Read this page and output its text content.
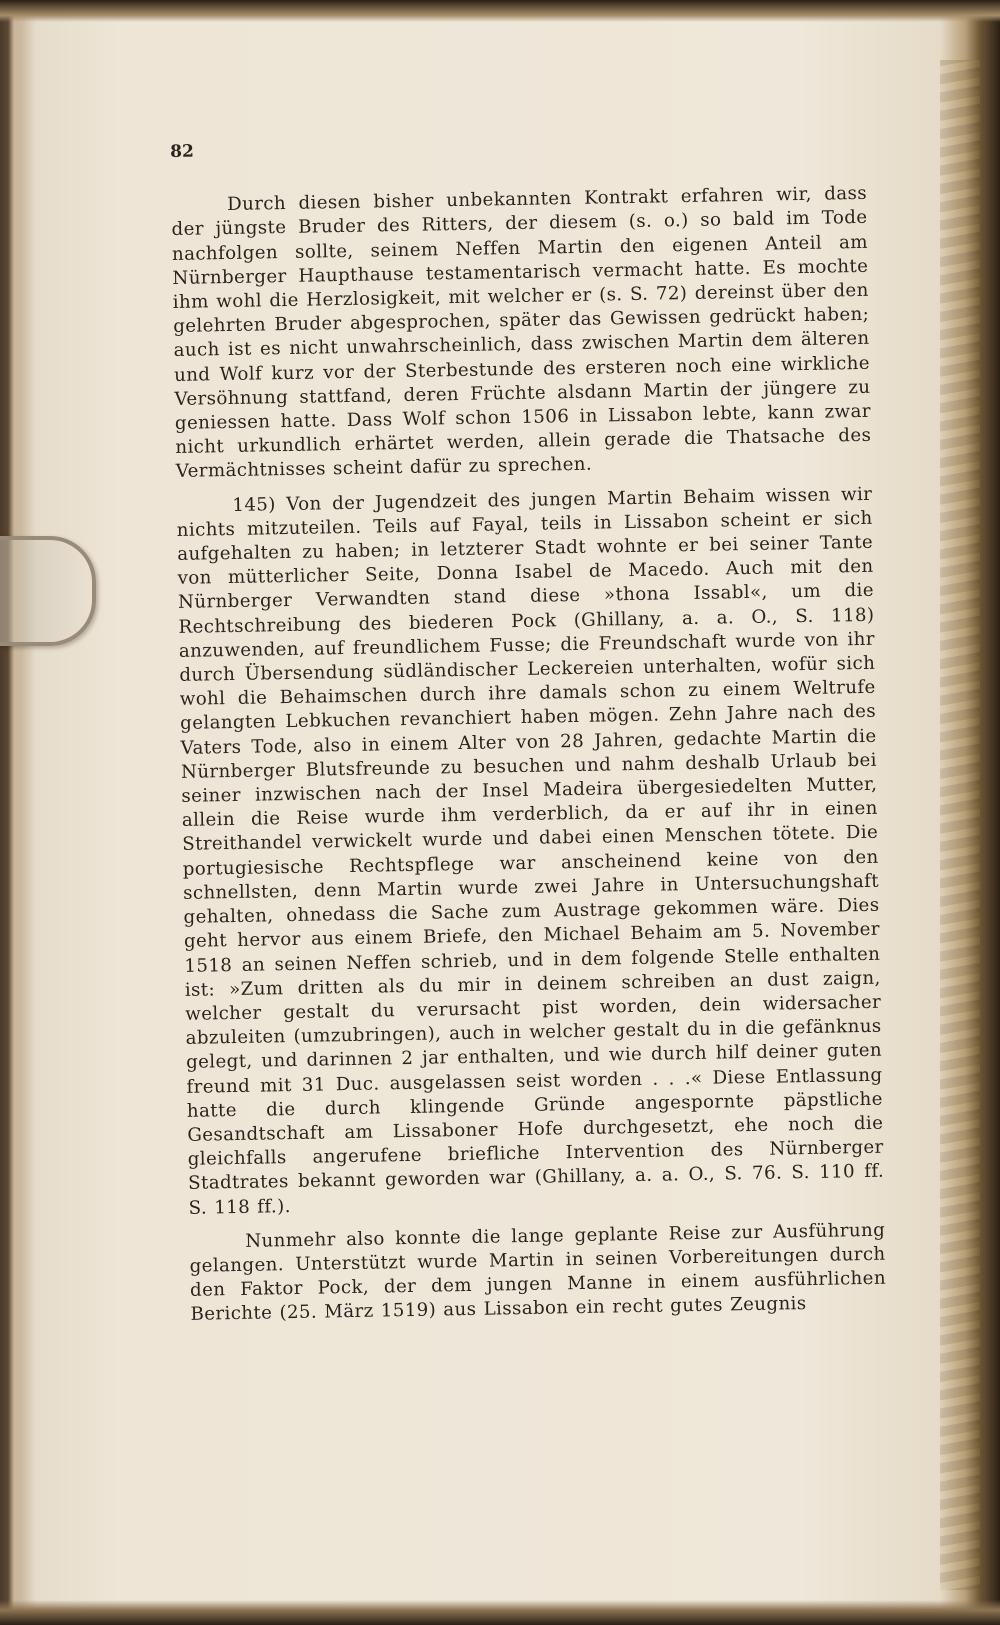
82

Durch diesen bisher unbekannten Kontrakt erfahren wir, dass der jüngste Bruder des Ritters, der diesem (s. o.) so bald im Tode nachfolgen sollte, seinem Neffen Martin den eigenen Anteil am Nürnberger Haupthause testamentarisch vermacht hatte. Es mochte ihm wohl die Herzlosigkeit, mit welcher er (s. S. 72) dereinst über den gelehrten Bruder abgesprochen, später das Gewissen gedrückt haben; auch ist es nicht unwahrscheinlich, dass zwischen Martin dem älteren und Wolf kurz vor der Sterbestunde des ersteren noch eine wirkliche Versöhnung stattfand, deren Früchte alsdann Martin der jüngere zu geniessen hatte. Dass Wolf schon 1506 in Lissabon lebte, kann zwar nicht urkundlich erhärtet werden, allein gerade die Thatsache des Vermächtnisses scheint dafür zu sprechen.

145) Von der Jugendzeit des jungen Martin Behaim wissen wir nichts mitzuteilen. Teils auf Fayal, teils in Lissabon scheint er sich aufgehalten zu haben; in letzterer Stadt wohnte er bei seiner Tante von mütterlicher Seite, Donna Isabel de Macedo. Auch mit den Nürnberger Verwandten stand diese »thona Issabl«, um die Rechtschreibung des biederen Pock (Ghillany, a. a. O., S. 118) anzuwenden, auf freundlichem Fusse; die Freundschaft wurde von ihr durch Übersendung südländischer Leckereien unterhalten, wofür sich wohl die Behaimschen durch ihre damals schon zu einem Weltrufe gelangten Lebkuchen revanchiert haben mögen. Zehn Jahre nach des Vaters Tode, also in einem Alter von 28 Jahren, gedachte Martin die Nürnberger Blutsfreunde zu besuchen und nahm deshalb Urlaub bei seiner inzwischen nach der Insel Madeira übergesiedelten Mutter, allein die Reise wurde ihm verderblich, da er auf ihr in einen Streithandel verwickelt wurde und dabei einen Menschen tötete. Die portugiesische Rechtspflege war anscheinend keine von den schnellsten, denn Martin wurde zwei Jahre in Untersuchungshaft gehalten, ohnedass die Sache zum Austrage gekommen wäre. Dies geht hervor aus einem Briefe, den Michael Behaim am 5. November 1518 an seinen Neffen schrieb, und in dem folgende Stelle enthalten ist: »Zum dritten als du mir in deinem schreiben an dust zaign, welcher gestalt du verursacht pist worden, dein widersacher abzuleiten (umzubringen), auch in welcher gestalt du in die gefänknus gelegt, und darinnen 2 jar enthalten, und wie durch hilf deiner guten freund mit 31 Duc. ausgelassen seist worden . . .« Diese Entlassung hatte die durch klingende Gründe angespornte päpstliche Gesandtschaft am Lissaboner Hofe durchgesetzt, ehe noch die gleichfalls angerufene briefliche Intervention des Nürnberger Stadtrates bekannt geworden war (Ghillany, a. a. O., S. 76. S. 110 ff. S. 118 ff.).

Nunmehr also konnte die lange geplante Reise zur Ausführung gelangen. Unterstützt wurde Martin in seinen Vorbereitungen durch den Faktor Pock, der dem jungen Manne in einem ausführlichen Berichte (25. März 1519) aus Lissabon ein recht gutes Zeugnis
